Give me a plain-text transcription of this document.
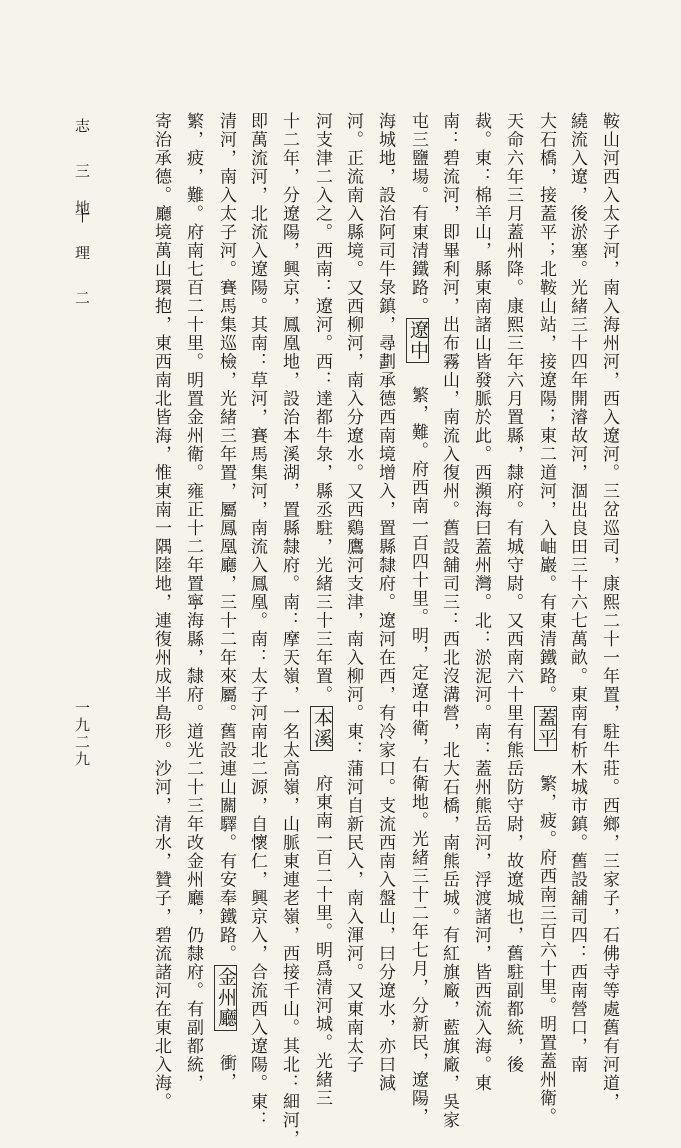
鞍山河西入太子河，南入海州河，西入遼河。三岔巡司，康熙二十一年置，駐牛莊。西鄉，三家子，石佛寺等處舊有河道，
繞流入遼，後淤塞。光緒三十四年開濬故河，涸出良田三十六七萬畝。東南有析木城市鎮。舊設舖司四：西南營口，南
大石橋，接蓋平；北鞍山站，接遼陽；東二道河，入岫巖。有東清鐵路。蓋平 繁，疲。府西南三百六十里。明置蓋州衛。
天命六年三月蓋州降。康熙三年六月置縣，隸府。有城守尉。又西南六十里有熊岳防守尉，故遼城也，舊駐副都統，後
裁。東：棉羊山，縣東南諸山皆發脈於此。西瀕海曰蓋州灣。北：淤泥河。南：蓋州熊岳河，浮渡諸河，皆西流入海。東
南：碧流河，即畢利河，出布霧山，南流入復州。舊設舖司三：西北沒溝營，北大石橋，南熊岳城。有紅旗廠，藍旗廠，吳家
屯三鹽場。有東清鐵路。遼中 繁，難。府西南一百四十里。明，定遼中衛，右衛地。光緒三十二年七月，分新民，遼陽，
海城地，設治阿司牛彔鎮，尋劃承德西南境增入，置縣隸府。遼河在西，有冷家口。支流西南入盤山，曰分遼水，亦曰減
河。正流南入縣境。又西柳河，南入分遼水。又西鷄鷹河支津，南入柳河。東：蒲河自新民入，南入渾河。又東南太子
河支津二入之。西南：遼河。西：達都牛彔，縣丞駐，光緒三十三年置。本溪 府東南一百二十里。明爲清河城。光緒三
十二年，分遼陽，興京，鳳凰地，設治本溪湖，置縣隸府。南：摩天嶺，一名太高嶺，山脈東連老嶺，西接千山。其北：細河，
即萬流河，北流入遼陽。其南：草河，賽馬集河，南流入鳳凰。南：太子河南北二源，自懷仁，興京入，合流西入遼陽。東：
清河，南入太子河。賽馬集巡檢，光緒三年置，屬鳳凰廳，三十二年來屬。舊設連山關驛。有安奉鐵路。金州廳 衝，
繁，疲，難。府南七百二十里。明置金州衛。雍正十二年置寧海縣，隸府。道光二十三年改金州廳，仍隸府。有副都統，
寄治承德。廳境萬山環抱，東西南北皆海，惟東南一隅陸地，連復州成半島形。沙河，清水，贊子，碧流諸河在東北入海。
志 三 十
地 理 二
一九二九
